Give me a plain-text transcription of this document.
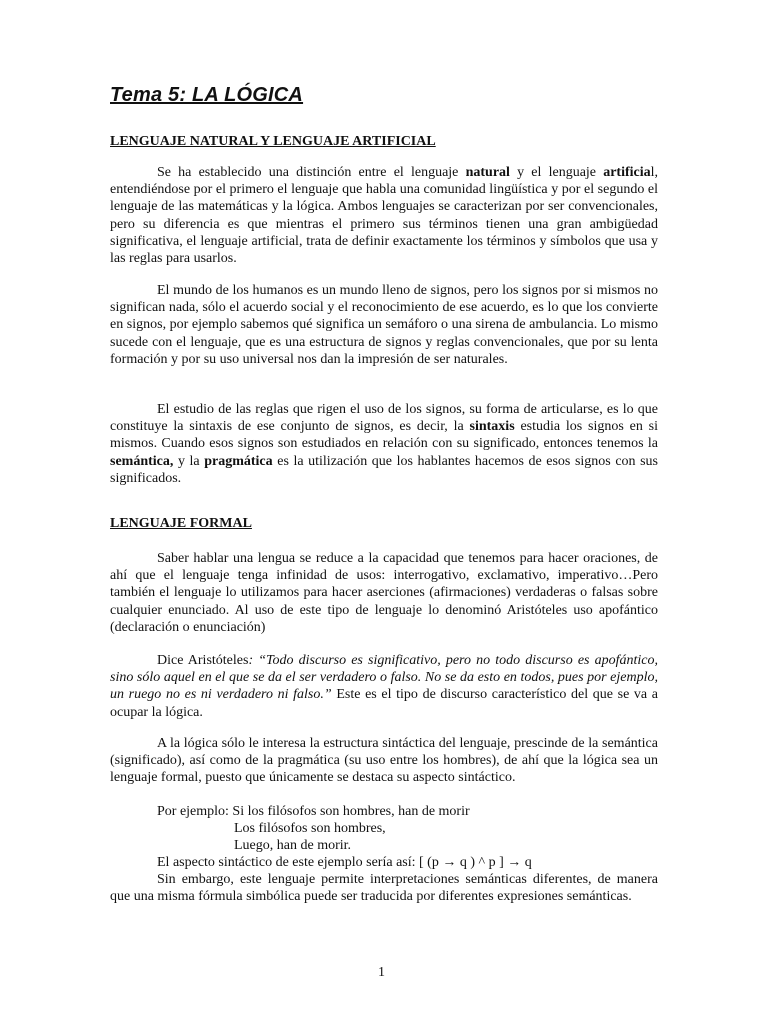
Tema 5: LA LÓGICA
LENGUAJE NATURAL Y LENGUAJE ARTIFICIAL

Se ha establecido una distinción entre el lenguaje natural y el lenguaje artificial, entendiéndose por el primero el lenguaje que habla una comunidad lingüística y por el segundo el lenguaje de las matemáticas y la lógica. Ambos lenguajes se caracterizan por ser convencionales, pero su diferencia es que mientras el primero sus términos tienen una gran ambigüedad significativa, el lenguaje artificial, trata de definir exactamente los términos y símbolos que usa y las reglas para usarlos.

El mundo de los humanos es un mundo lleno de signos, pero los signos por si mismos no significan nada, sólo el acuerdo social y el reconocimiento de ese acuerdo, es lo que los convierte en signos, por ejemplo sabemos qué significa un semáforo o una sirena de ambulancia. Lo mismo sucede con el lenguaje, que es una estructura de signos y reglas convencionales, que por su lenta formación y por su uso universal nos dan la impresión de ser naturales.

El estudio de las reglas que rigen el uso de los signos, su forma de articularse, es lo que constituye la sintaxis de ese conjunto de signos, es decir, la sintaxis estudia los signos en si mismos. Cuando esos signos son estudiados en relación con su significado, entonces tenemos la semántica, y la pragmática es la utilización que los hablantes hacemos de esos signos con sus significados.

LENGUAJE FORMAL

Saber hablar una lengua se reduce a la capacidad que tenemos para hacer oraciones, de ahí que el lenguaje tenga infinidad de usos: interrogativo, exclamativo, imperativo…Pero también el lenguaje lo utilizamos para hacer aserciones (afirmaciones) verdaderas o falsas sobre cualquier enunciado. Al uso de este tipo de lenguaje lo denominó Aristóteles uso apofántico (declaración o enunciación)

Dice Aristóteles: “Todo discurso es significativo, pero no todo discurso es apofántico, sino sólo aquel en el que se da el ser verdadero o falso. No se da esto en todos, pues por ejemplo, un ruego no es ni verdadero ni falso.” Este es el tipo de discurso característico del que se va a ocupar la lógica.

A la lógica sólo le interesa la estructura sintáctica del lenguaje, prescinde de la semántica (significado), así como de la pragmática (su uso entre los hombres), de ahí que la lógica sea un lenguaje formal, puesto que únicamente se destaca su aspecto sintáctico.

Por ejemplo: Si los filósofos son hombres, han de morir
Los filósofos son hombres,
Luego, han de morir.
El aspecto sintáctico de este ejemplo sería así: [ (p → q ) ^ p ] → q

Sin embargo, este lenguaje permite interpretaciones semánticas diferentes, de manera que una misma fórmula simbólica puede ser traducida por diferentes expresiones semánticas.

1
